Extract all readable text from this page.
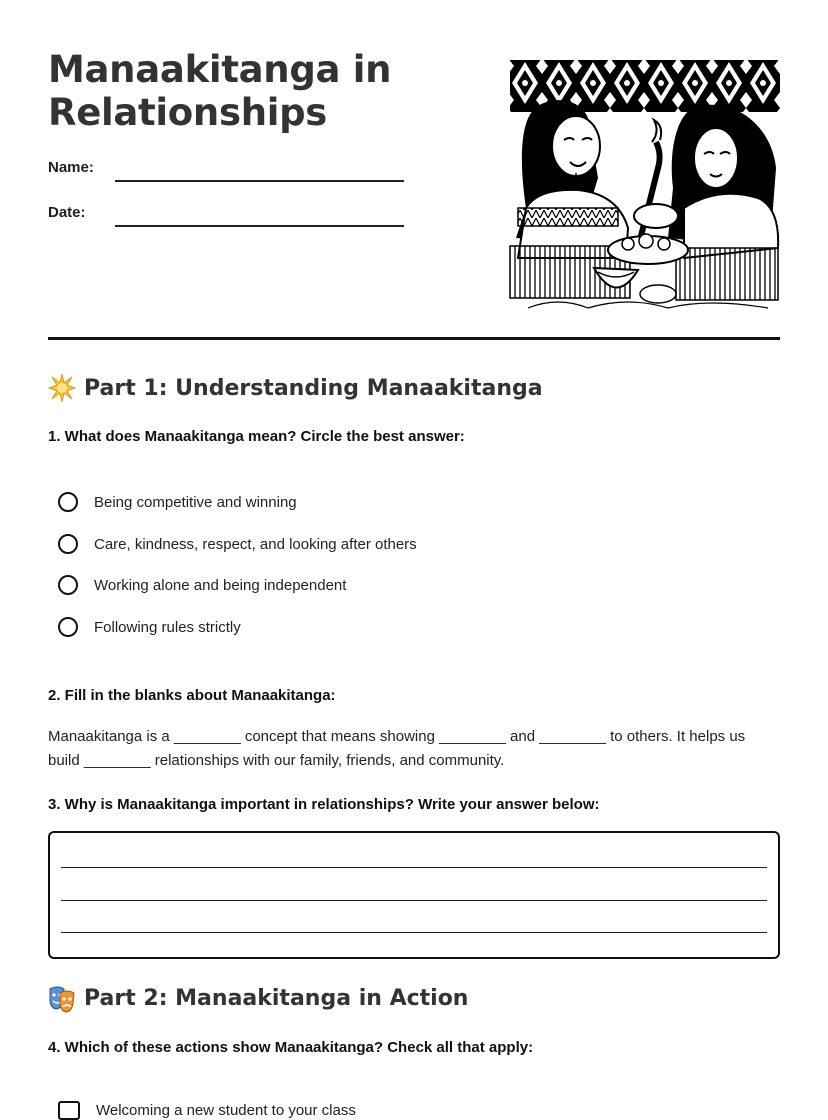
Manaakitanga in Relationships
Name:
Date:
Part 1: Understanding Manaakitanga
1. What does Manaakitanga mean? Circle the best answer:
Being competitive and winning
Care, kindness, respect, and looking after others
Working alone and being independent
Following rules strictly
2. Fill in the blanks about Manaakitanga:
Manaakitanga is a ________ concept that means showing ________ and ________ to others. It helps us build ________ relationships with our family, friends, and community.
3. Why is Manaakitanga important in relationships? Write your answer below:
Part 2: Manaakitanga in Action
4. Which of these actions show Manaakitanga? Check all that apply:
Welcoming a new student to your class
